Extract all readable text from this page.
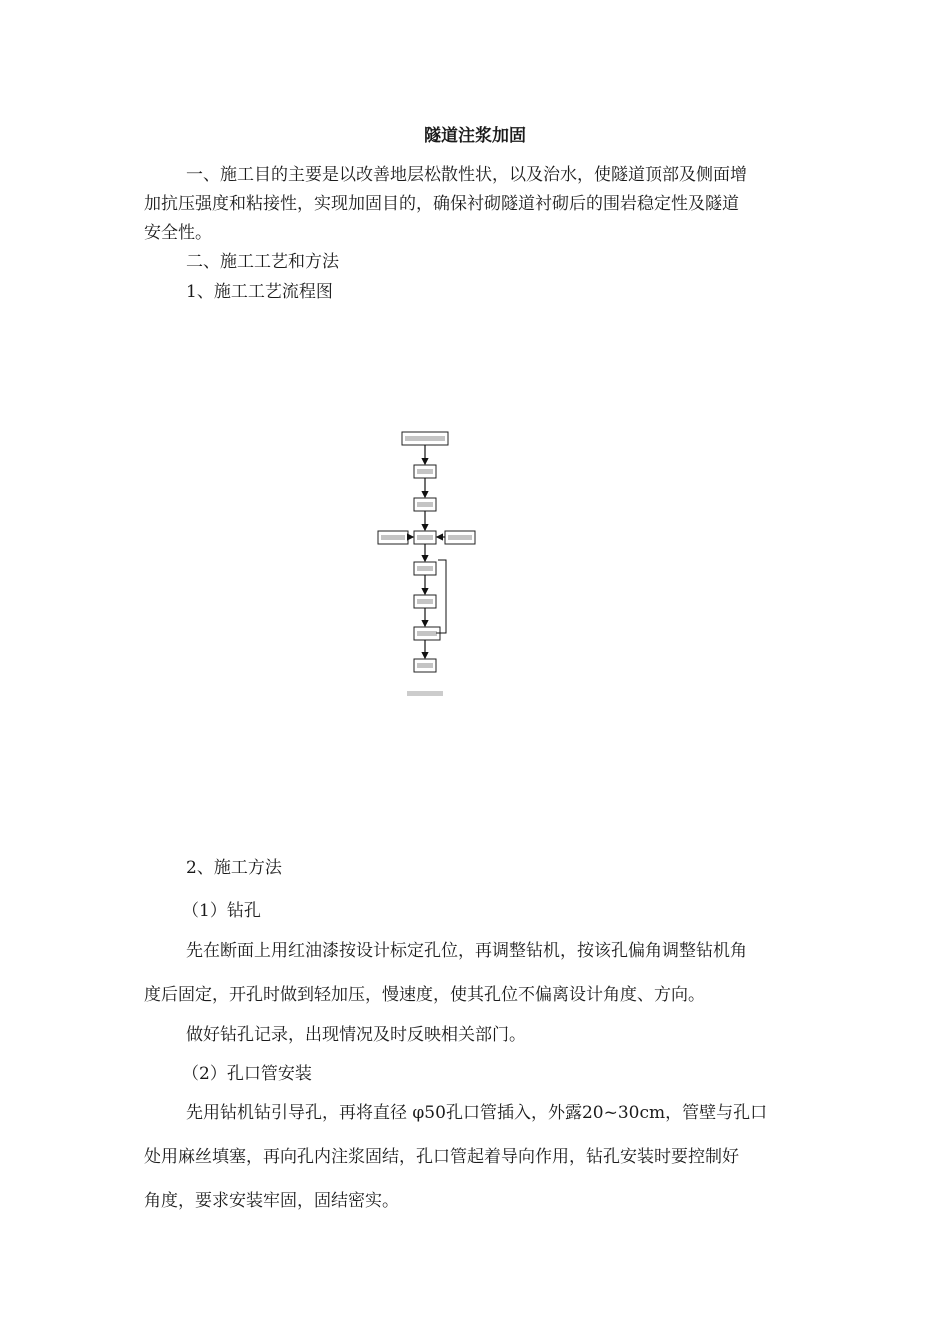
隧道注浆加固
一、施工目的主要是以改善地层松散性状，以及治水，使隧道顶部及侧面增
加抗压强度和粘接性，实现加固目的，确保衬砌隧道衬砌后的围岩稳定性及隧道
安全性。
二、施工工艺和方法
1、施工工艺流程图
2、施工方法
（1）钻孔
先在断面上用红油漆按设计标定孔位，再调整钻机，按该孔偏角调整钻机角
度后固定，开孔时做到轻加压，慢速度，使其孔位不偏离设计角度、方向。
做好钻孔记录，出现情况及时反映相关部门。
（2）孔口管安装
先用钻机钻引导孔，再将直径 φ50孔口管插入，外露20~30cm，管壁与孔口
处用麻丝填塞，再向孔内注浆固结，孔口管起着导向作用，钻孔安装时要控制好
角度，要求安装牢固，固结密实。
